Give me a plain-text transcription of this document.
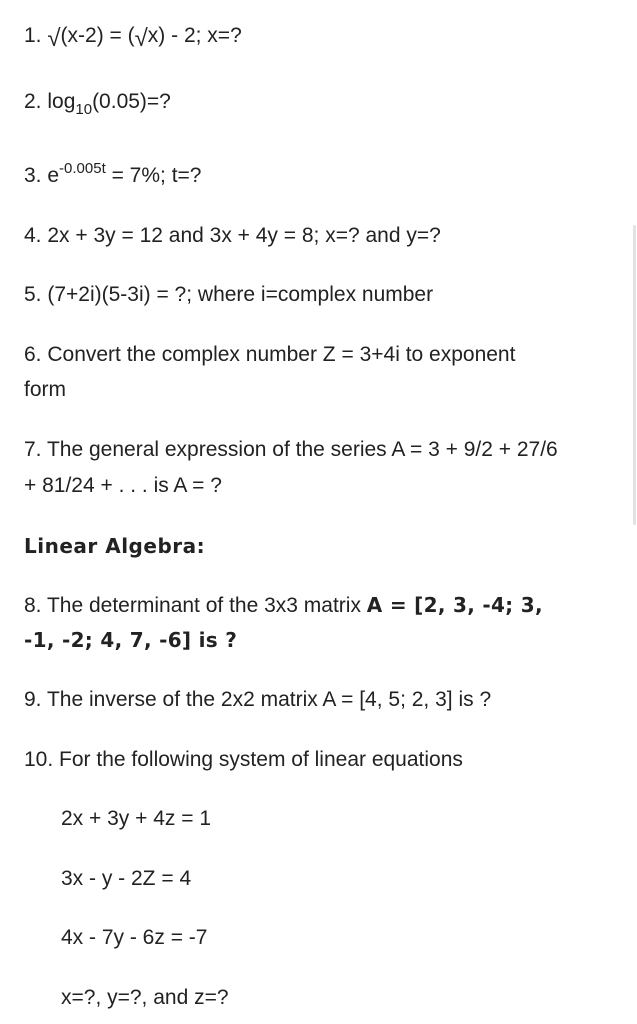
1. √(x-2) = (√x) - 2; x=?
2. $\log_{10}(0.05)=$?
3. $e^{-0.005t} = 7\%$; t=?
4. 2x + 3y = 12 and 3x + 4y = 8; x=? and y=?
5. (7+2i)(5-3i) = ?; where i=complex number
6. Convert the complex number Z = 3+4i to exponent
form
7. The general expression of the series A = 3 + 9/2 + 27/6
+ 81/24 + . . . is A = ?
Linear Algebra:
8. The determinant of the 3x3 matrix A = [2, 3, -4; 3,
-1, -2; 4, 7, -6] is ?
9. The inverse of the 2x2 matrix A = [4, 5; 2, 3] is ?
10. For the following system of linear equations
2x + 3y + 4z = 1
3x - y - 2Z = 4
4x - 7y - 6z = -7
x=?, y=?, and z=?
